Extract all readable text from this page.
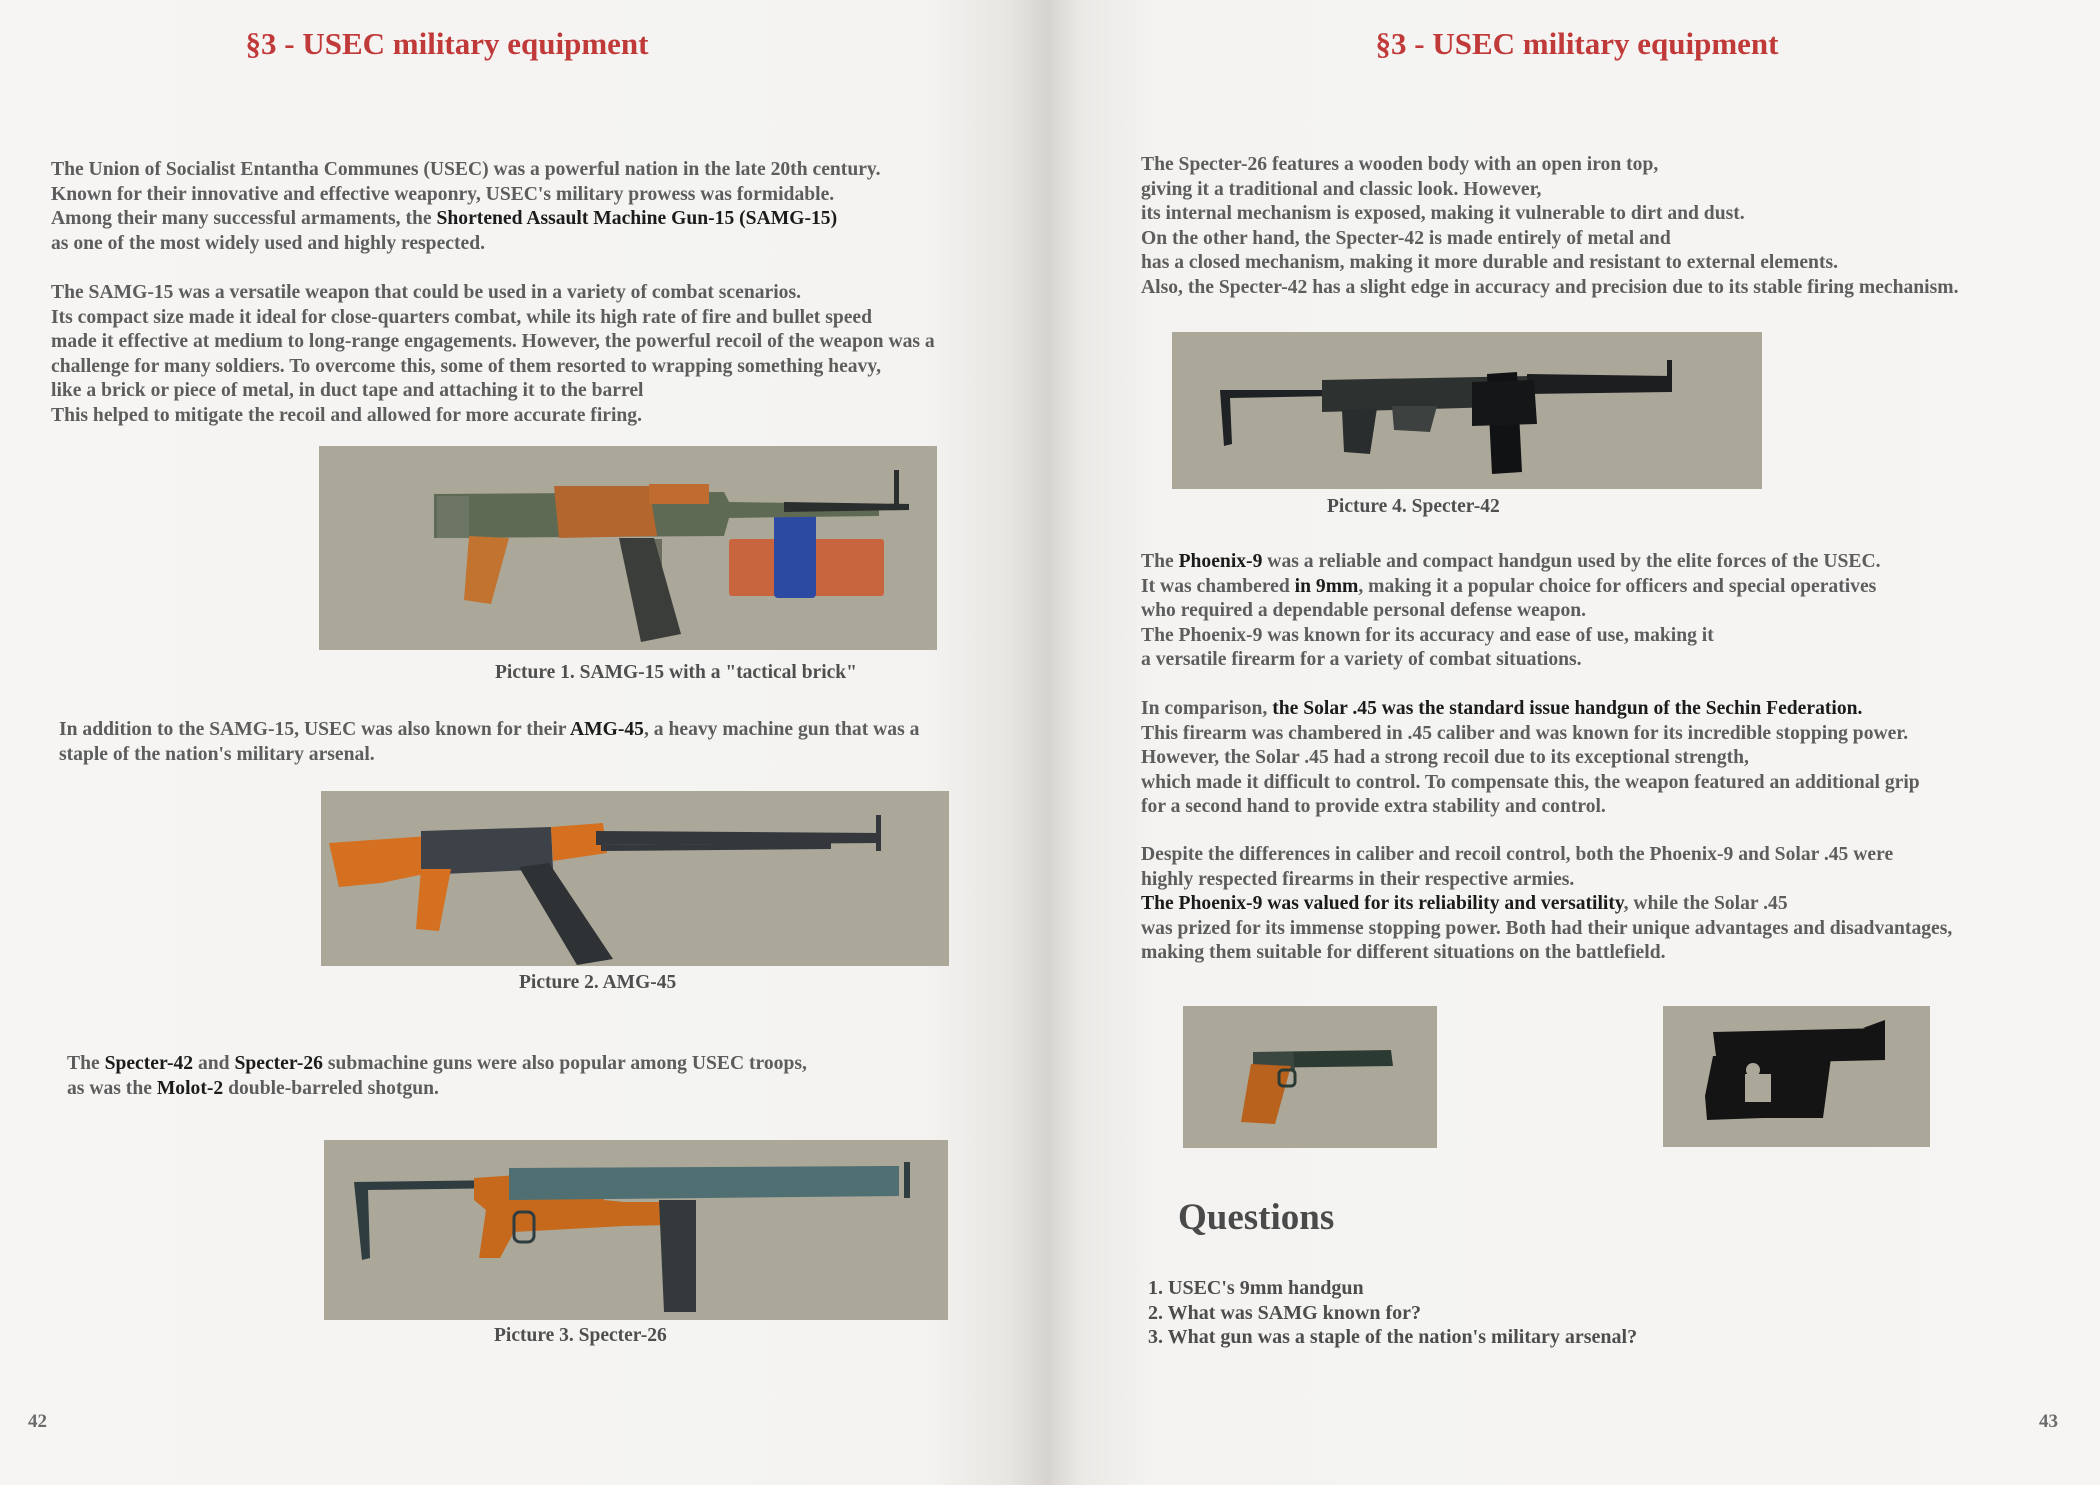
§3 - USEC military equipment

The Union of Socialist Entantha Communes (USEC) was a powerful nation in the late 20th century.
Known for their innovative and effective weaponry, USEC's military prowess was formidable.
Among their many successful armaments, the Shortened Assault Machine Gun-15 (SAMG-15)
as one of the most widely used and highly respected.

The SAMG-15 was a versatile weapon that could be used in a variety of combat scenarios.
Its compact size made it ideal for close-quarters combat, while its high rate of fire and bullet speed
made it effective at medium to long-range engagements. However, the powerful recoil of the weapon was a
challenge for many soldiers. To overcome this, some of them resorted to wrapping something heavy,
like a brick or piece of metal, in duct tape and attaching it to the barrel
This helped to mitigate the recoil and allowed for more accurate firing.

Picture 1. SAMG-15 with a "tactical brick"

In addition to the SAMG-15, USEC was also known for their AMG-45, a heavy machine gun that was a
staple of the nation's military arsenal.

Picture 2. AMG-45

The Specter-42 and Specter-26 submachine guns were also popular among USEC troops,
as was the Molot-2 double-barreled shotgun.

Picture 3. Specter-26
42
§3 - USEC military equipment

The Specter-26 features a wooden body with an open iron top,
giving it a traditional and classic look. However,
its internal mechanism is exposed, making it vulnerable to dirt and dust.
On the other hand, the Specter-42 is made entirely of metal and
has a closed mechanism, making it more durable and resistant to external elements.
Also, the Specter-42 has a slight edge in accuracy and precision due to its stable firing mechanism.

Picture 4. Specter-42

The Phoenix-9 was a reliable and compact handgun used by the elite forces of the USEC.
It was chambered in 9mm, making it a popular choice for officers and special operatives
who required a dependable personal defense weapon.
The Phoenix-9 was known for its accuracy and ease of use, making it
a versatile firearm for a variety of combat situations.

In comparison, the Solar .45 was the standard issue handgun of the Sechin Federation.
This firearm was chambered in .45 caliber and was known for its incredible stopping power.
However, the Solar .45 had a strong recoil due to its exceptional strength,
which made it difficult to control. To compensate this, the weapon featured an additional grip
for a second hand to provide extra stability and control.

Despite the differences in caliber and recoil control, both the Phoenix-9 and Solar .45 were
highly respected firearms in their respective armies.
The Phoenix-9 was valued for its reliability and versatility, while the Solar .45
was prized for its immense stopping power. Both had their unique advantages and disadvantages,
making them suitable for different situations on the battlefield.

Questions
1. USEC's 9mm handgun
2. What was SAMG known for?
3. What gun was a staple of the nation's military arsenal?
43
